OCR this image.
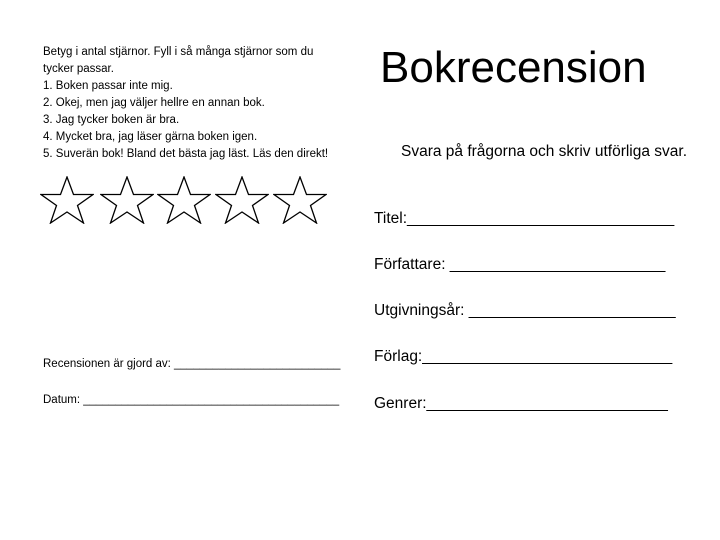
Betyg i antal stjärnor. Fyll i så många stjärnor som du

tycker passar.

1. Boken passar inte mig.

2. Okej, men jag väljer hellre en annan bok.

3. Jag tycker boken är bra.

4. Mycket bra, jag läser gärna boken igen.

5. Suverän bok! Bland det bästa jag läst. Läs den direkt!

Recensionen är gjord av: __________________________
Datum: ________________________________________
Bokrecension

Svara på frågorna och skriv utförliga svar.

Titel:_______________________________
Författare: _________________________
Utgivningsår: ________________________
Förlag:_____________________________
Genrer:____________________________
